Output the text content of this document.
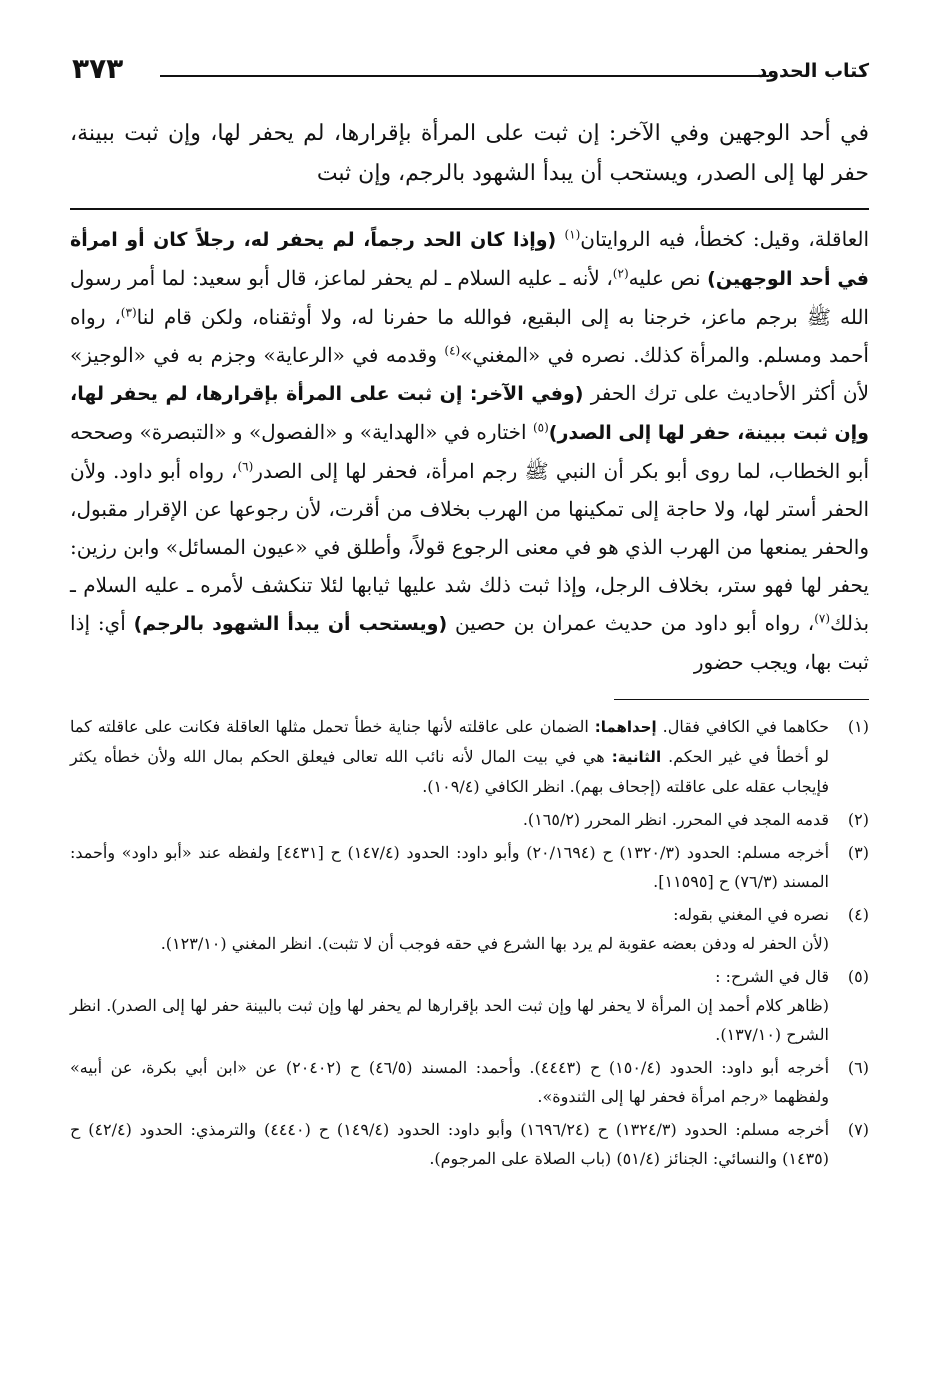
كتاب الحدود
٣٧٣

في أحد الوجهين وفي الآخر: إن ثبت على المرأة بإقرارها، لم يحفر لها، وإن ثبت ببينة، حفر لها إلى الصدر، ويستحب أن يبدأ الشهود بالرجم، وإن ثبت

العاقلة، وقيل: كخطأ، فيه الروايتان$^{(١)}$ (وإذا كان الحد رجماً، لم يحفر له، رجلاً كان أو امرأة في أحد الوجهين) نص عليه$^{(٢)}$، لأنه ـ عليه السلام ـ لم يحفر لماعز، قال أبو سعيد: لما أمر رسول الله ﷺ برجم ماعز، خرجنا به إلى البقيع، فوالله ما حفرنا له، ولا أوثقناه، ولكن قام لنا$^{(٣)}$، رواه أحمد ومسلم. والمرأة كذلك. نصره في «المغني»$^{(٤)}$ وقدمه في «الرعاية» وجزم به في «الوجيز» لأن أكثر الأحاديث على ترك الحفر (وفي الآخر: إن ثبت على المرأة بإقرارها، لم يحفر لها، وإن ثبت ببينة، حفر لها إلى الصدر)$^{(٥)}$ اختاره في «الهداية» و «الفصول» و «التبصرة» وصححه أبو الخطاب، لما روى أبو بكر أن النبي ﷺ رجم امرأة، فحفر لها إلى الصدر$^{(٦)}$، رواه أبو داود. ولأن الحفر أستر لها، ولا حاجة إلى تمكينها من الهرب بخلاف من أقرت، لأن رجوعها عن الإقرار مقبول، والحفر يمنعها من الهرب الذي هو في معنى الرجوع قولاً، وأطلق في «عيون المسائل» وابن رزين: يحفر لها فهو ستر، بخلاف الرجل، وإذا ثبت ذلك شد عليها ثيابها لئلا تنكشف لأمره ـ عليه السلام ـ بذلك$^{(٧)}$، رواه أبو داود من حديث عمران بن حصين (ويستحب أن يبدأ الشهود بالرجم) أي: إذا ثبت بها، ويجب حضور

(١)
حكاهما في الكافي فقال. إحداهما: الضمان على عاقلته لأنها جناية خطأ تحمل مثلها العاقلة فكانت على عاقلته كما لو أخطأ في غير الحكم. الثانية: هي في بيت المال لأنه نائب الله تعالى فيعلق الحكم بمال الله ولأن خطأه يكثر فإيجاب عقله على عاقلته (إجحاف بهم). انظر الكافي (١٠٩/٤).
(٢)
قدمه المجد في المحرر. انظر المحرر (١٦٥/٢).
(٣)
أخرجه مسلم: الحدود (١٣٢٠/٣) ح (٢٠/١٦٩٤) وأبو داود: الحدود (١٤٧/٤) ح [٤٤٣١] ولفظه عند «أبو داود» وأحمد: المسند (٧٦/٣) ح [١١٥٩٥].
(٤)
نصره في المغني بقوله:
(لأن الحفر له ودفن بعضه عقوبة لم يرد بها الشرع في حقه فوجب أن لا تثبت). انظر المغني (١٢٣/١٠).
(٥)
قال في الشرح: :
(ظاهر كلام أحمد إن المرأة لا يحفر لها وإن ثبت الحد بإقرارها لم يحفر لها وإن ثبت بالبينة حفر لها إلى الصدر). انظر الشرح (١٣٧/١٠).
(٦)
أخرجه أبو داود: الحدود (١٥٠/٤) ح (٤٤٤٣). وأحمد: المسند (٤٦/٥) ح (٢٠٤٠٢) عن «ابن أبي بكرة، عن أبيه» ولفظهما «رجم امرأة فحفر لها إلى الثندوة».
(٧)
أخرجه مسلم: الحدود (١٣٢٤/٣) ح (١٦٩٦/٢٤) وأبو داود: الحدود (١٤٩/٤) ح (٤٤٤٠) والترمذي: الحدود (٤٢/٤) ح (١٤٣٥) والنسائي: الجنائز (٥١/٤) (باب الصلاة على المرجوم).
